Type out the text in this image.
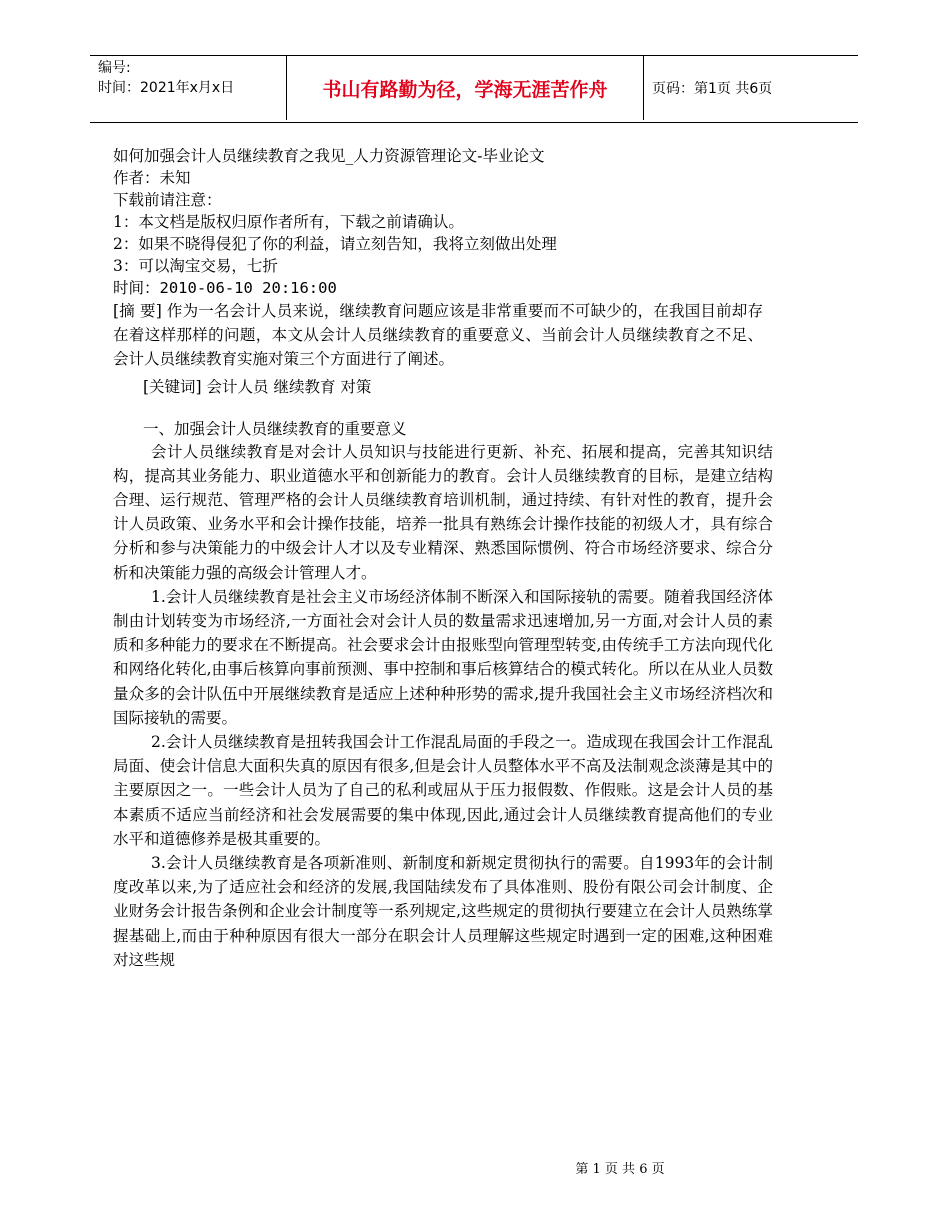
编号:
时间：2021年x月x日	书山有路勤为径，学海无涯苦作舟	页码：第1页 共6页
如何加强会计人员继续教育之我见_人力资源管理论文-毕业论文
作者：未知
下载前请注意：
1：本文档是版权归原作者所有，下载之前请确认。
2：如果不晓得侵犯了你的利益，请立刻告知，我将立刻做出处理
3：可以淘宝交易，七折
时间：2010-06-10 20:16:00
[摘 要] 作为一名会计人员来说，继续教育问题应该是非常重要而不可缺少的，在我国目前却存在着这样那样的问题，本文从会计人员继续教育的重要意义、当前会计人员继续教育之不足、会计人员继续教育实施对策三个方面进行了阐述。
[关键词] 会计人员 继续教育 对策
一、加强会计人员继续教育的重要意义
会计人员继续教育是对会计人员知识与技能进行更新、补充、拓展和提高，完善其知识结构，提高其业务能力、职业道德水平和创新能力的教育。会计人员继续教育的目标，是建立结构合理、运行规范、管理严格的会计人员继续教育培训机制，通过持续、有针对性的教育，提升会计人员政策、业务水平和会计操作技能，培养一批具有熟练会计操作技能的初级人才，具有综合分析和参与决策能力的中级会计人才以及专业精深、熟悉国际惯例、符合市场经济要求、综合分析和决策能力强的高级会计管理人才。
1.会计人员继续教育是社会主义市场经济体制不断深入和国际接轨的需要。随着我国经济体制由计划转变为市场经济,一方面社会对会计人员的数量需求迅速增加,另一方面,对会计人员的素质和多种能力的要求在不断提高。社会要求会计由报账型向管理型转变,由传统手工方法向现代化和网络化转化,由事后核算向事前预测、事中控制和事后核算结合的模式转化。所以在从业人员数量众多的会计队伍中开展继续教育是适应上述种种形势的需求,提升我国社会主义市场经济档次和国际接轨的需要。
2.会计人员继续教育是扭转我国会计工作混乱局面的手段之一。造成现在我国会计工作混乱局面、使会计信息大面积失真的原因有很多,但是会计人员整体水平不高及法制观念淡薄是其中的主要原因之一。一些会计人员为了自己的私利或屈从于压力报假数、作假账。这是会计人员的基本素质不适应当前经济和社会发展需要的集中体现,因此,通过会计人员继续教育提高他们的专业水平和道德修养是极其重要的。
3.会计人员继续教育是各项新准则、新制度和新规定贯彻执行的需要。自1993年的会计制度改革以来,为了适应社会和经济的发展,我国陆续发布了具体准则、股份有限公司会计制度、企业财务会计报告条例和企业会计制度等一系列规定,这些规定的贯彻执行要建立在会计人员熟练掌握基础上,而由于种种原因有很大一部分在职会计人员理解这些规定时遇到一定的困难,这种困难对这些规
第 1 页 共 6 页
